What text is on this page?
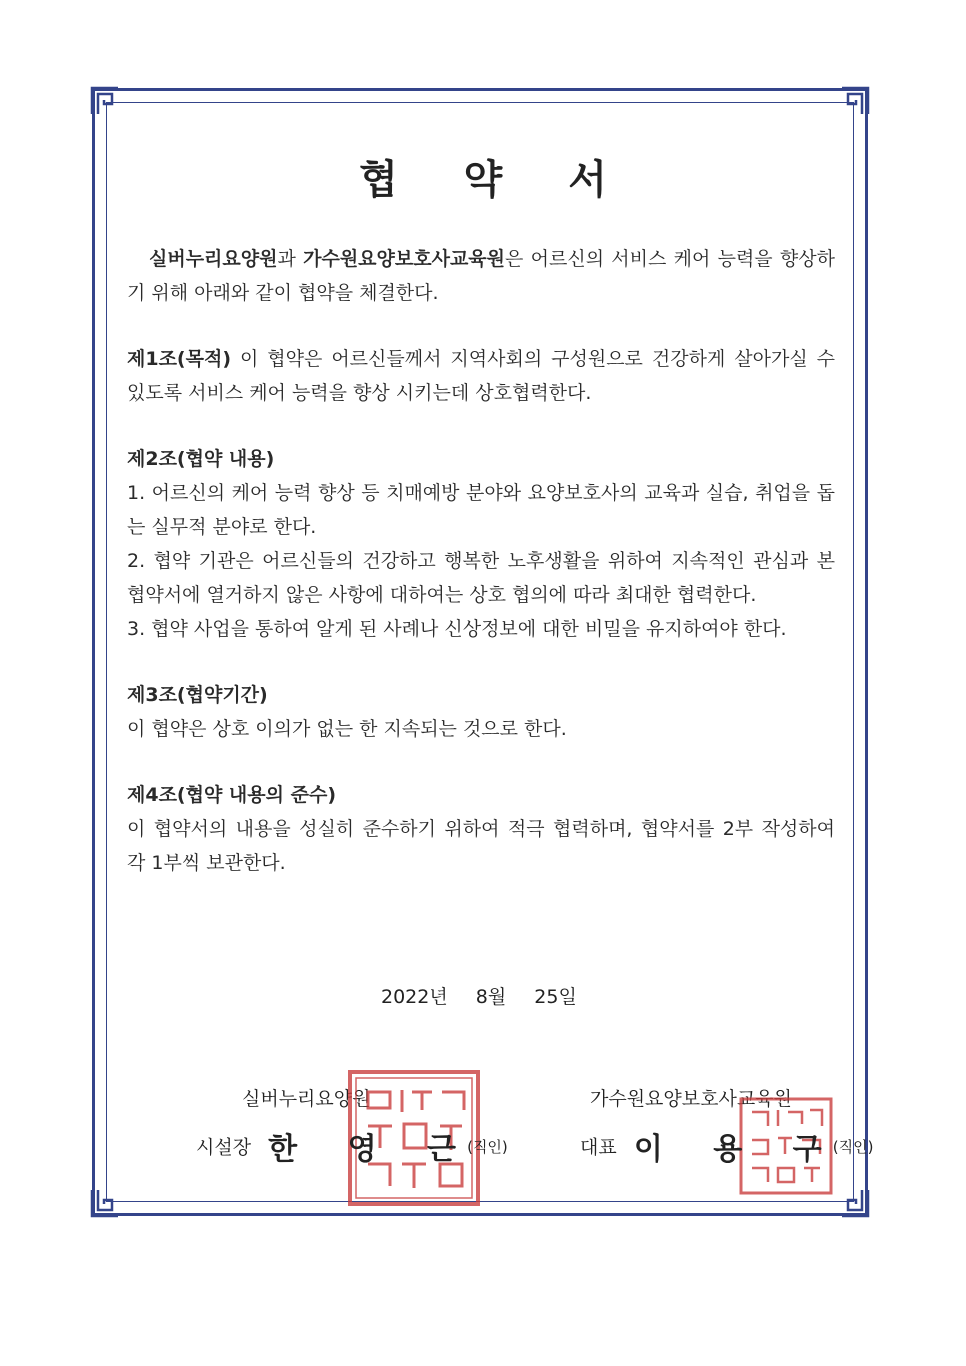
협 약 서

실버누리요양원과 가수원요양보호사교육원은 어르신의 서비스 케어 능력을 향상하기 위해 아래와 같이 협약을 체결한다.

제1조(목적) 이 협약은 어르신들께서 지역사회의 구성원으로 건강하게 살아가실 수 있도록 서비스 케어 능력을 향상 시키는데 상호협력한다.

제2조(협약 내용)

1. 어르신의 케어 능력 향상 등 치매예방 분야와 요양보호사의 교육과 실습, 취업을 돕는 실무적 분야로 한다.

2. 협약 기관은 어르신들의 건강하고 행복한 노후생활을 위하여 지속적인 관심과 본 협약서에 열거하지 않은 사항에 대하여는 상호 협의에 따라 최대한 협력한다.

3. 협약 사업을 통하여 알게 된 사례나 신상정보에 대한 비밀을 유지하여야 한다.

제3조(협약기간)

이 협약은 상호 이의가 없는 한 지속되는 것으로 한다.

제4조(협약 내용의 준수)

이 협약서의 내용을 성실히 준수하기 위하여 적극 협력하며, 협약서를 2부 작성하여 각 1부씩 보관한다.

2022년 8월 25일
실버누리요양원	가수원요양보호사교육원
시설장 한 영 근 (직인)	대표 이 용 구 (직인)
